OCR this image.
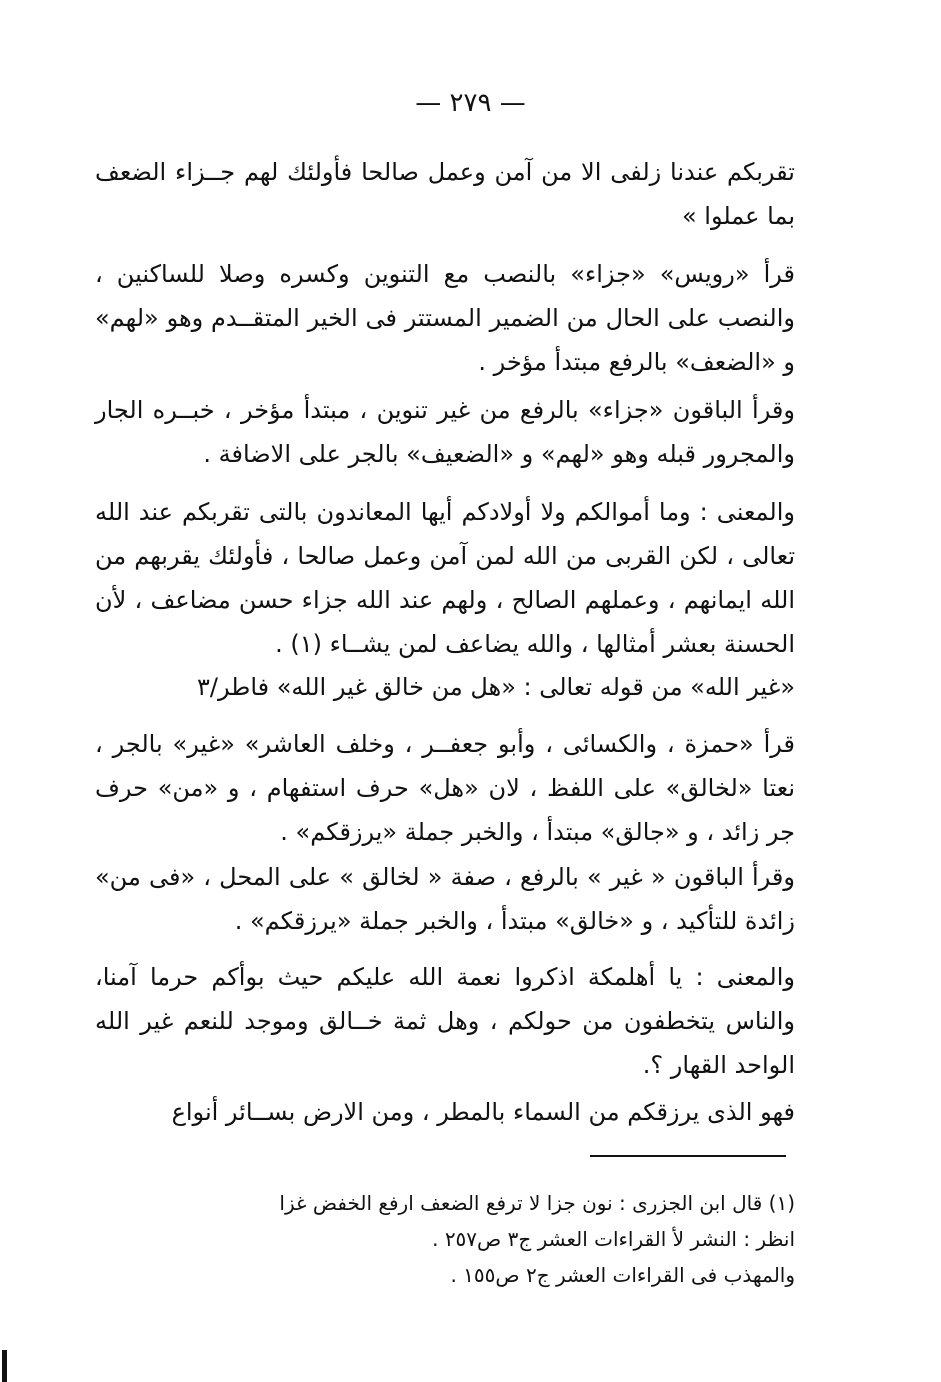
— ٢٧٩ —

تقربكم عندنا زلفى الا من آمن وعمل صالحا فأولئك لهم جــزاء الضعف بما عملوا »

قرأ «رويس» «جزاء» بالنصب مع التنوين وكسره وصلا للساكنين ، والنصب على الحال من الضمير المستتر فى الخير المتقــدم وهو «لهم» و «الضعف» بالرفع مبتدأ مؤخر .

وقرأ الباقون «جزاء» بالرفع من غير تنوين ، مبتدأ مؤخر ، خبــره الجار والمجرور قبله وهو «لهم» و «الضعيف» بالجر على الاضافة .

والمعنى : وما أموالكم ولا أولادكم أيها المعاندون بالتى تقربكم عند الله تعالى ، لكن القربى من الله لمن آمن وعمل صالحا ، فأولئك يقربهم من الله ايمانهم ، وعملهم الصالح ، ولهم عند الله جزاء حسن مضاعف ، لأن الحسنة بعشر أمثالها ، والله يضاعف لمن يشــاء (١) .

«غير الله» من قوله تعالى : «هل من خالق غير الله» فاطر/٣

قرأ «حمزة ، والكسائى ، وأبو جعفــر ، وخلف العاشر» «غير» بالجر ، نعتا «لخالق» على اللفظ ، لان «هل» حرف استفهام ، و «من» حرف جر زائد ، و «جالق» مبتدأ ، والخبر جملة «يرزقكم» .

وقرأ الباقون « غير » بالرفع ، صفة « لخالق » على المحل ، «فى من» زائدة للتأكيد ، و «خالق» مبتدأ ، والخبر جملة «يرزقكم» .

والمعنى : يا أهلمكة اذكروا نعمة الله عليكم حيث بوأكم حرما آمنا، والناس يتخطفون من حولكم ، وهل ثمة خــالق وموجد للنعم غير الله الواحد القهار ؟.

فهو الذى يرزقكم من السماء بالمطر ، ومن الارض بســائر أنواع

(١) قال ابن الجزرى : نون جزا لا ترفع الضعف ارفع الخفض غزا

انظر : النشر لأ القراءات العشر ج٣ ص٢٥٧ .

والمهذب فى القراءات العشر ج٢ ص١٥٥ .
